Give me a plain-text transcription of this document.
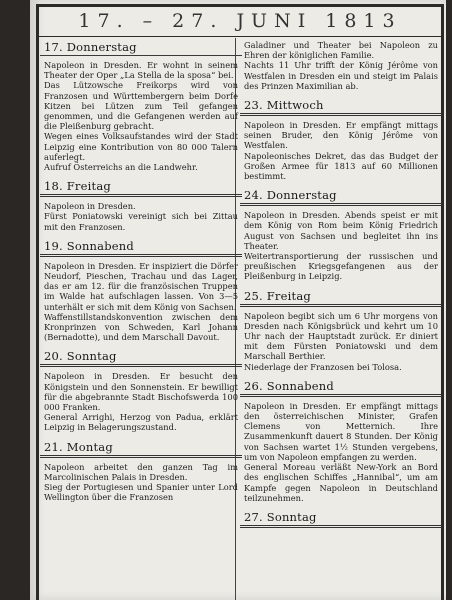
17. – 27. JUNI 1813
17. Donnerstag
Napoleon in Dresden. Er wohnt in seinem Theater der Oper „La Stella de la sposa“ bei.
Das Lützowsche Freikorps wird von Franzosen und Württembergern beim Dorfe Kitzen bei Lützen zum Teil gefangen genommen, und die Gefangenen werden auf die Pleißenburg gebracht.
Wegen eines Volksaufstandes wird der Stadt Leipzig eine Kontribution von 80 000 Talern auferlegt.
Aufruf Österreichs an die Landwehr.
18. Freitag
Napoleon in Dresden.
Fürst Poniatowski vereinigt sich bei Zittau mit den Franzosen.
19. Sonnabend
Napoleon in Dresden. Er inspiziert die Dörfer Neudorf, Pieschen, Trachau und das Lager, das er am 12. für die französischen Truppen im Walde hat aufschlagen lassen. Von 3—5 unterhält er sich mit dem König von Sachsen.
Waffenstillstandskonvention zwischen dem Kronprinzen von Schweden, Karl Johann (Bernadotte), und dem Marschall Davout.
20. Sonntag
Napoleon in Dresden. Er besucht den Königstein und den Sonnenstein. Er bewilligt für die abgebrannte Stadt Bischofswerda 100 000 Franken.
General Arrighi, Herzog von Padua, erklärt Leipzig in Belagerungszustand.
21. Montag
Napoleon arbeitet den ganzen Tag im Marcolinischen Palais in Dresden.
Sieg der Portugiesen und Spanier unter Lord Wellington über die Franzosen
Galadiner und Theater bei Napoleon zu Ehren der königlichen Familie.
Nachts 11 Uhr trifft der König Jérôme von Westfalen in Dresden ein und steigt im Palais des Prinzen Maximilian ab.
23. Mittwoch
Napoleon in Dresden. Er empfängt mittags seinen Bruder, den König Jérôme von Westfalen.
Napoleonisches Dekret, das das Budget der Großen Armee für 1813 auf 60 Millionen bestimmt.
24. Donnerstag
Napoleon in Dresden. Abends speist er mit dem König von Rom beim König Friedrich August von Sachsen und begleitet ihn ins Theater.
Weitertransportierung der russischen und preußischen Kriegsgefangenen aus der Pleißenburg in Leipzig.
25. Freitag
Napoleon begibt sich um 6 Uhr morgens von Dresden nach Königsbrück und kehrt um 10 Uhr nach der Hauptstadt zurück. Er diniert mit dem Fürsten Poniatowski und dem Marschall Berthier.
Niederlage der Franzosen bei Tolosa.
26. Sonnabend
Napoleon in Dresden. Er empfängt mittags den österreichischen Minister, Grafen Clemens von Metternich. Ihre Zusammenkunft dauert 8 Stunden. Der König von Sachsen wartet 1½ Stunden vergebens, um von Napoleon empfangen zu werden.
General Moreau verläßt New-York an Bord des englischen Schiffes „Hannibal“, um am Kampfe gegen Napoleon in Deutschland teilzunehmen.
27. Sonntag
